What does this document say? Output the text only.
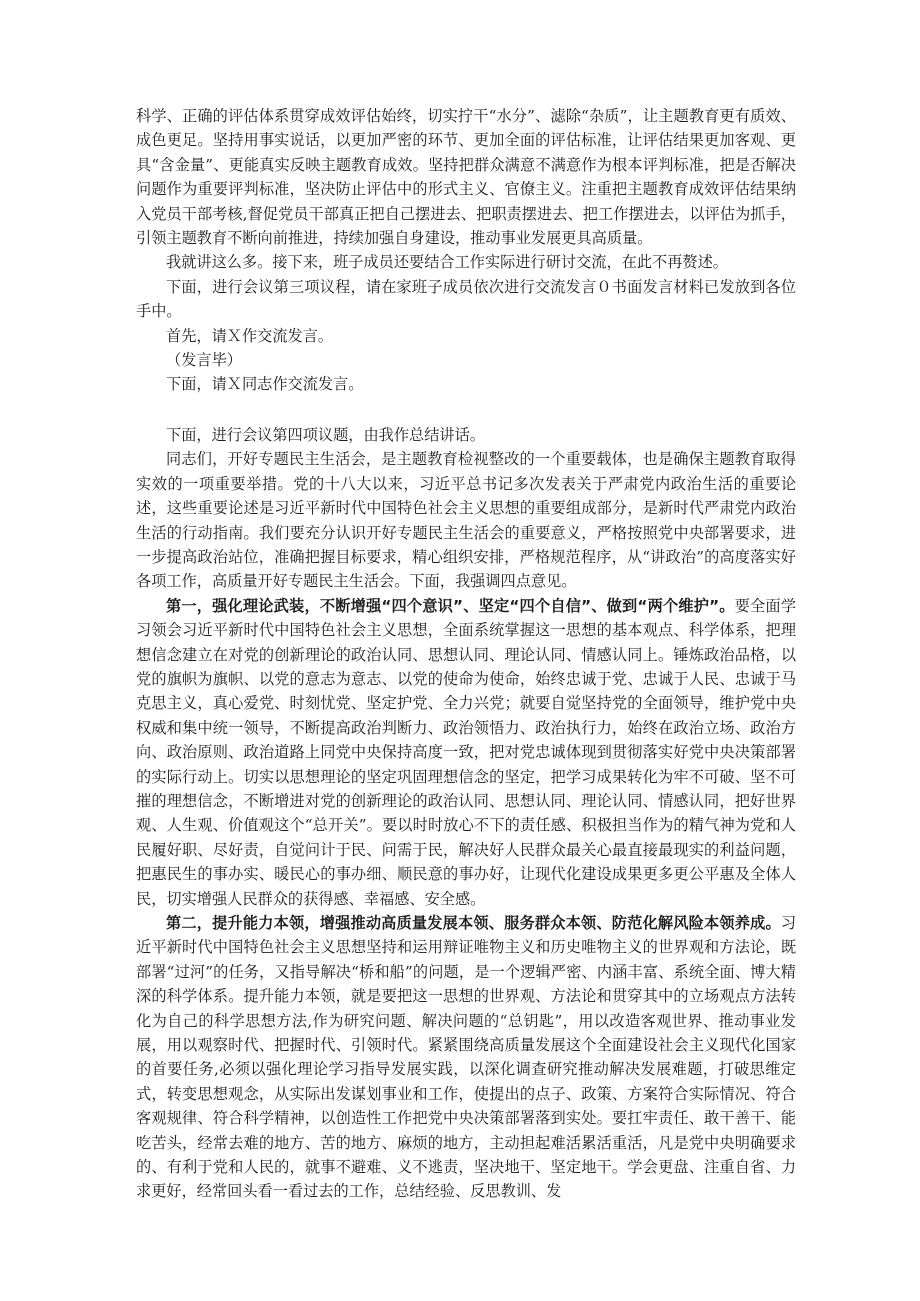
科学、正确的评估体系贯穿成效评估始终，切实拧干“水分”、滤除“杂质”，让主题教育更有质效、成色更足。坚持用事实说话，以更加严密的环节、更加全面的评估标准，让评估结果更加客观、更具“含金量”、更能真实反映主题教育成效。坚持把群众满意不满意作为根本评判标准，把是否解决问题作为重要评判标准，坚决防止评估中的形式主义、官僚主义。注重把主题教育成效评估结果纳入党员干部考核,督促党员干部真正把自己摆进去、把职责摆进去、把工作摆进去，以评估为抓手，引领主题教育不断向前推进，持续加强自身建设，推动事业发展更具高质量。

我就讲这么多。接下来，班子成员还要结合工作实际进行研讨交流，在此不再赘述。

下面，进行会议第三项议程，请在家班子成员依次进行交流发言０书面发言材料已发放到各位手中。

首先，请Ｘ作交流发言。

（发言毕）

下面，请Ｘ同志作交流发言。

下面，进行会议第四项议题，由我作总结讲话。

同志们，开好专题民主生活会，是主题教育检视整改的一个重要载体，也是确保主题教育取得实效的一项重要举措。党的十八大以来，习近平总书记多次发表关于严肃党内政治生活的重要论述，这些重要论述是习近平新时代中国特色社会主义思想的重要组成部分，是新时代严肃党内政治生活的行动指南。我们要充分认识开好专题民主生活会的重要意义，严格按照党中央部署要求，进一步提高政治站位，准确把握目标要求，精心组织安排，严格规范程序，从“讲政治”的高度落实好各项工作，高质量开好专题民主生活会。下面，我强调四点意见。

第一，强化理论武装，不断增强“四个意识”、坚定“四个自信”、做到“两个维护”。要全面学习领会习近平新时代中国特色社会主义思想，全面系统掌握这一思想的基本观点、科学体系，把理想信念建立在对党的创新理论的政治认同、思想认同、理论认同、情感认同上。锤炼政治品格，以党的旗帜为旗帜、以党的意志为意志、以党的使命为使命，始终忠诚于党、忠诚于人民、忠诚于马克思主义，真心爱党、时刻忧党、坚定护党、全力兴党；就要自觉坚持党的全面领导，维护党中央权威和集中统一领导，不断提高政治判断力、政治领悟力、政治执行力，始终在政治立场、政治方向、政治原则、政治道路上同党中央保持高度一致，把对党忠诚体现到贯彻落实好党中央决策部署的实际行动上。切实以思想理论的坚定巩固理想信念的坚定，把学习成果转化为牢不可破、坚不可摧的理想信念，不断增进对党的创新理论的政治认同、思想认同、理论认同、情感认同，把好世界观、人生观、价值观这个“总开关”。要以时时放心不下的责任感、积极担当作为的精气神为党和人民履好职、尽好责，自觉问计于民、问需于民，解决好人民群众最关心最直接最现实的利益问题，把惠民生的事办实、暖民心的事办细、顺民意的事办好，让现代化建设成果更多更公平惠及全体人民，切实增强人民群众的获得感、幸福感、安全感。

第二，提升能力本领，增强推动高质量发展本领、服务群众本领、防范化解风险本领养成。习近平新时代中国特色社会主义思想坚持和运用辩证唯物主义和历史唯物主义的世界观和方法论，既部署“过河”的任务，又指导解决“桥和船”的问题，是一个逻辑严密、内涵丰富、系统全面、博大精深的科学体系。提升能力本领，就是要把这一思想的世界观、方法论和贯穿其中的立场观点方法转化为自己的科学思想方法,作为研究问题、解决问题的“总钥匙”，用以改造客观世界、推动事业发展，用以观察时代、把握时代、引领时代。紧紧围绕高质量发展这个全面建设社会主义现代化国家的首要任务,必须以强化理论学习指导发展实践，以深化调查研究推动解决发展难题，打破思维定式，转变思想观念，从实际出发谋划事业和工作，使提出的点子、政策、方案符合实际情况、符合客观规律、符合科学精神，以创造性工作把党中央决策部署落到实处。要扛牢责任、敢干善干、能吃苦头，经常去难的地方、苦的地方、麻烦的地方，主动担起难活累活重活，凡是党中央明确要求的、有利于党和人民的，就事不避难、义不逃责，坚决地干、坚定地干。学会更盘、注重自省、力求更好，经常回头看一看过去的工作，总结经验、反思教训、发
